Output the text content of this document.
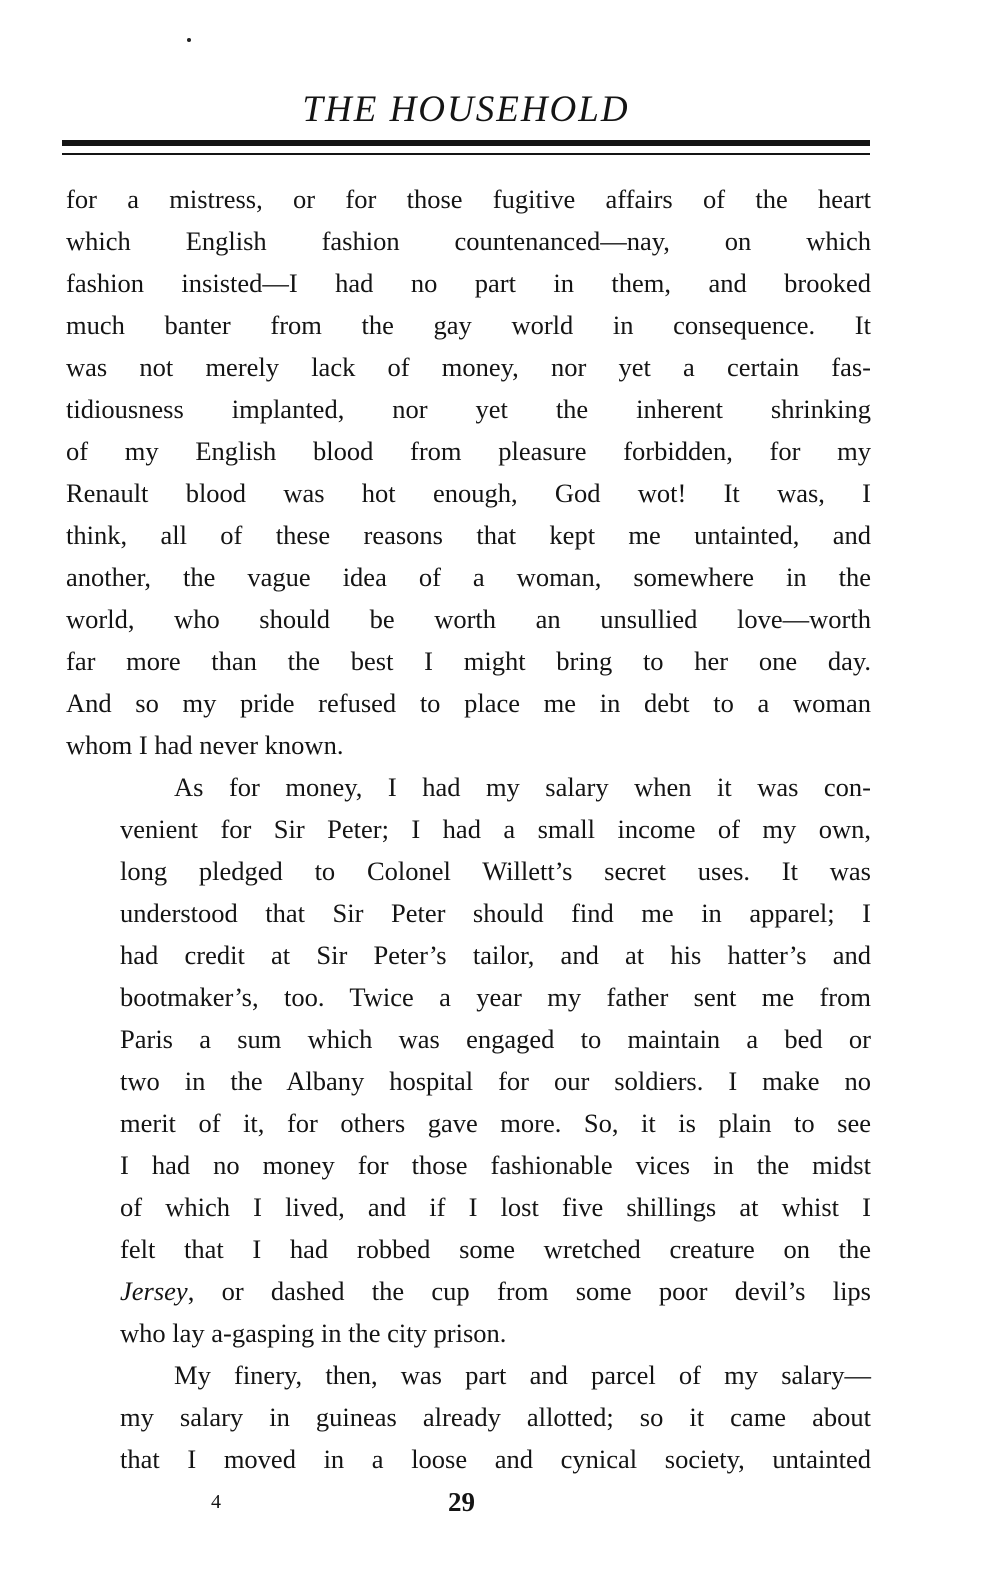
THE HOUSEHOLD

for a mistress, or for those fugitive affairs of the heart
which English fashion countenanced—nay, on which
fashion insisted—I had no part in them, and brooked
much banter from the gay world in consequence. It
was not merely lack of money, nor yet a certain fas-
tidiousness implanted, nor yet the inherent shrinking
of my English blood from pleasure forbidden, for my
Renault blood was hot enough, God wot! It was, I
think, all of these reasons that kept me untainted, and
another, the vague idea of a woman, somewhere in the
world, who should be worth an unsullied love—worth
far more than the best I might bring to her one day.
And so my pride refused to place me in debt to a woman
whom I had never known.

As for money, I had my salary when it was con-
venient for Sir Peter; I had a small income of my own,
long pledged to Colonel Willett’s secret uses. It was
understood that Sir Peter should find me in apparel; I
had credit at Sir Peter’s tailor, and at his hatter’s and
bootmaker’s, too. Twice a year my father sent me from
Paris a sum which was engaged to maintain a bed or
two in the Albany hospital for our soldiers. I make no
merit of it, for others gave more. So, it is plain to see
I had no money for those fashionable vices in the midst
of which I lived, and if I lost five shillings at whist I
felt that I had robbed some wretched creature on the
Jersey, or dashed the cup from some poor devil’s lips
who lay a-gasping in the city prison.

My finery, then, was part and parcel of my salary—
my salary in guineas already allotted; so it came about
that I moved in a loose and cynical society, untainted

4	29
